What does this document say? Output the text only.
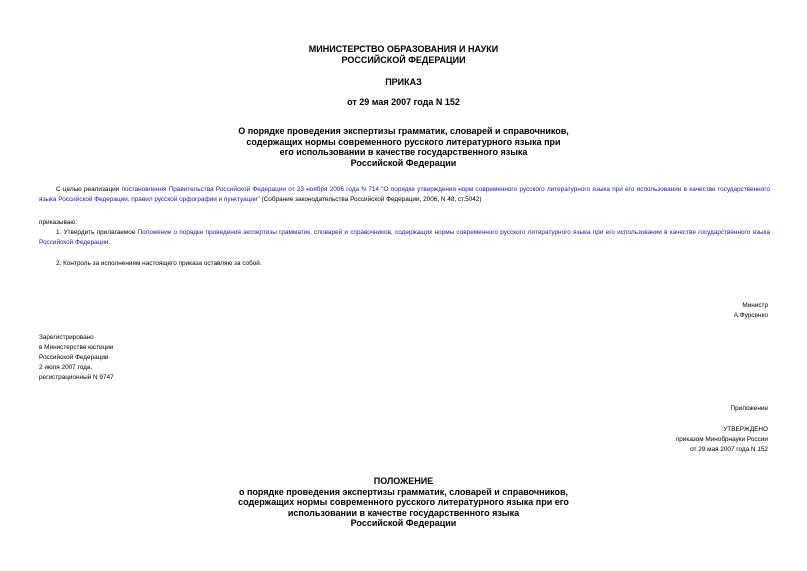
МИНИСТЕРСТВО ОБРАЗОВАНИЯ И НАУКИ
РОССИЙСКОЙ ФЕДЕРАЦИИ
ПРИКАЗ
от 29 мая 2007 года N 152
О порядке проведения экспертизы грамматик, словарей и справочников,
содержащих нормы современного русского литературного языка при
его использовании в качестве государственного языка
Российской Федерации
С целью реализации постановления Правительства Российской Федерации от 23 ноября 2006 года N 714 "О порядке утверждения норм современного русского литературного языка при его использовании в качестве государственного языка Российской Федерации, правил русской орфографии и пунктуации" (Собрание законодательства Российской Федерации, 2006, N 48, ст.5042)
приказываю:
1. Утвердить прилагаемое Положение о порядке проведения экспертизы грамматик, словарей и справочников, содержащих нормы современного русского литературного языка при его использовании в качестве государственного языка Российской Федерации.
2. Контроль за исполнением настоящего приказа оставляю за собой.
Министр
А.Фурсенко
Зарегистрировано
в Министерстве юстиции
Российской Федерации
2 июля 2007 года,
регистрационный N 9747
Приложение
УТВЕРЖДЕНО
приказом Минобрнауки России
от 29 мая 2007 года N 152
ПОЛОЖЕНИЕ
о порядке проведения экспертизы грамматик, словарей и справочников,
содержащих нормы современного русского литературного языка при его
использовании в качестве государственного языка
Российской Федерации
